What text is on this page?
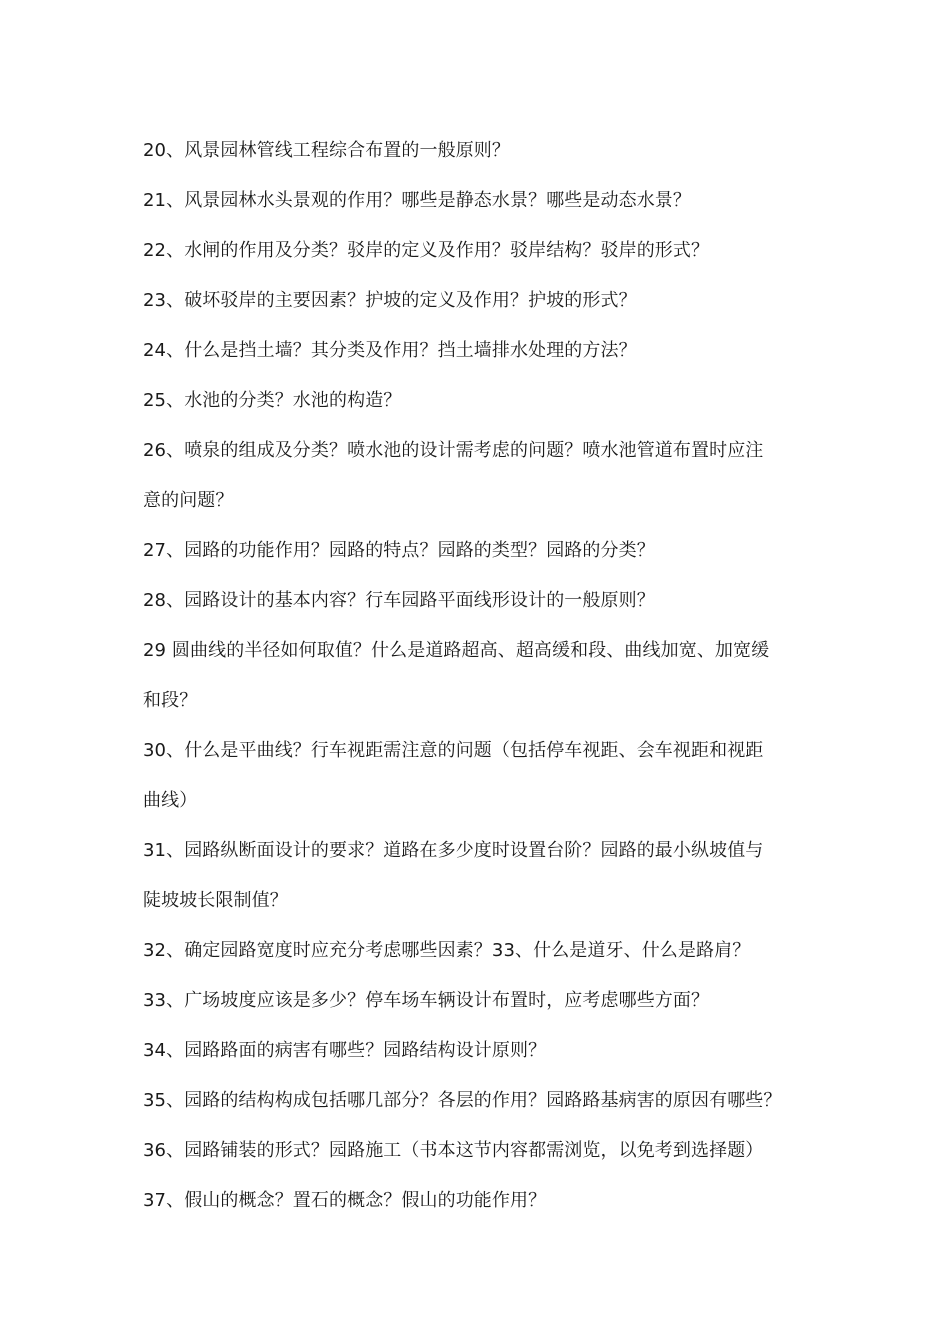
20、风景园林管线工程综合布置的一般原则？
21、风景园林水头景观的作用？哪些是静态水景？哪些是动态水景？
22、水闸的作用及分类？驳岸的定义及作用？驳岸结构？驳岸的形式？
23、破坏驳岸的主要因素？护坡的定义及作用？护坡的形式？
24、什么是挡土墙？其分类及作用？挡土墙排水处理的方法？
25、水池的分类？水池的构造？
26、喷泉的组成及分类？喷水池的设计需考虑的问题？喷水池管道布置时应注
意的问题？
27、园路的功能作用？园路的特点？园路的类型？园路的分类？
28、园路设计的基本内容？行车园路平面线形设计的一般原则？
29 圆曲线的半径如何取值？什么是道路超高、超高缓和段、曲线加宽、加宽缓
和段？
30、什么是平曲线？行车视距需注意的问题（包括停车视距、会车视距和视距
曲线）
31、园路纵断面设计的要求？道路在多少度时设置台阶？园路的最小纵坡值与
陡坡坡长限制值？
32、确定园路宽度时应充分考虑哪些因素？33、什么是道牙、什么是路肩？
33、广场坡度应该是多少？停车场车辆设计布置时，应考虑哪些方面？
34、园路路面的病害有哪些？园路结构设计原则？
35、园路的结构构成包括哪几部分？各层的作用？园路路基病害的原因有哪些？
36、园路铺装的形式？园路施工（书本这节内容都需浏览，以免考到选择题）
37、假山的概念？置石的概念？假山的功能作用？
